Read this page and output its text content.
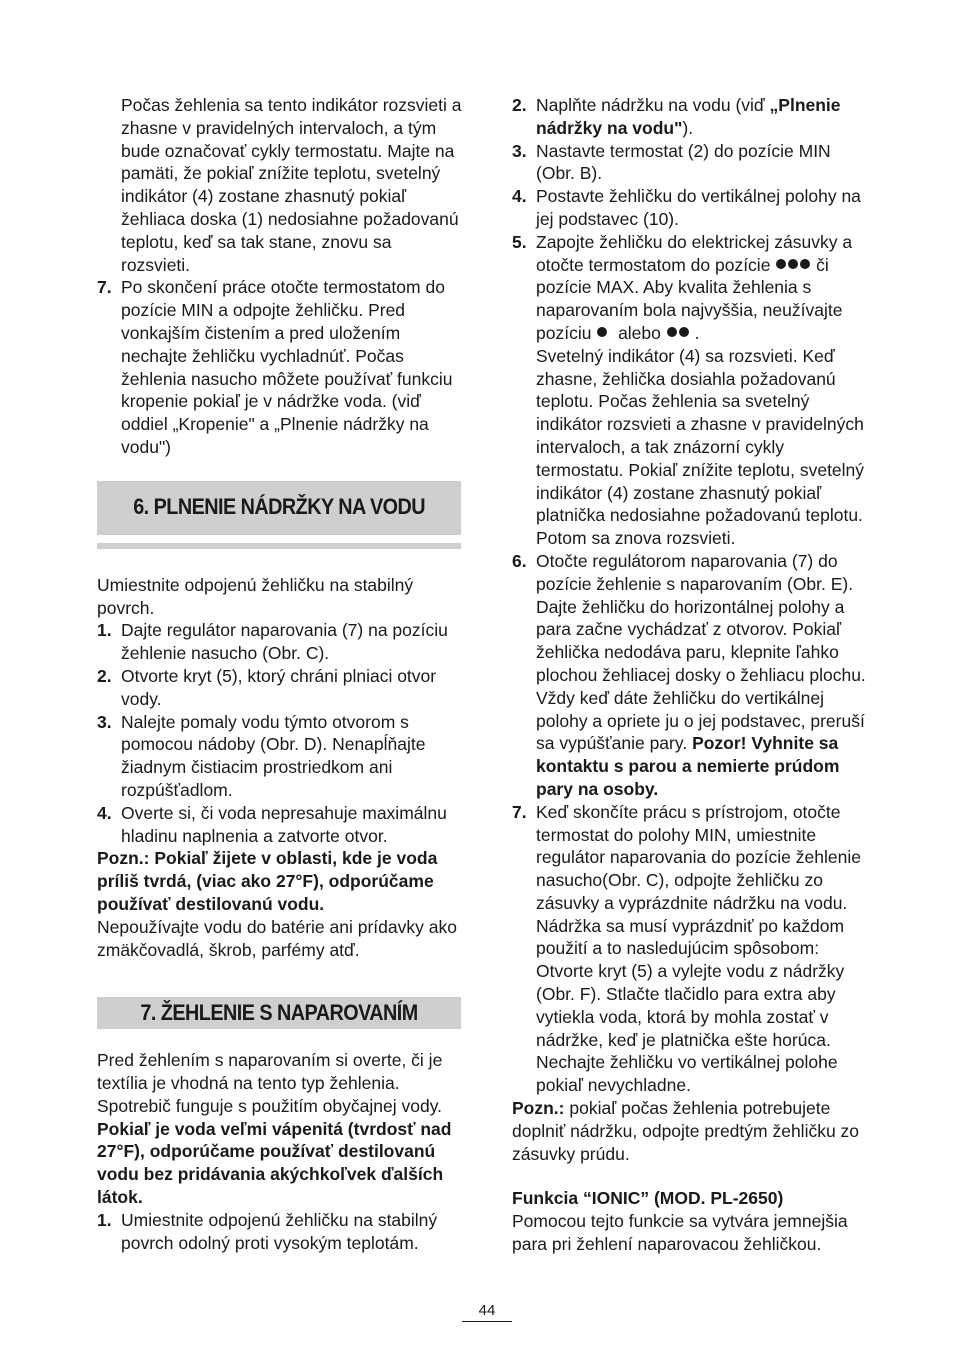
Počas žehlenia sa tento indikátor rozsvieti a zhasne v pravidelných intervaloch, a tým bude označovať cykly termostatu. Majte na pamäti, že pokiaľ znížite teplotu, svetelný indikátor (4) zostane zhasnutý pokiaľ žehliaca doska (1) nedosiahne požadovanú teplotu, keď sa tak stane, znovu sa rozsvieti.

7. Po skončení práce otočte termostatom do pozície MIN a odpojte žehličku. Pred vonkajším čistením a pred uložením nechajte žehličku vychladnúť. Počas žehlenia nasucho môžete používať funkciu kropenie pokiaľ je v nádržke voda. (viď oddiel „Kropenie" a „Plnenie nádržky na vodu")
6. PLNENIE NÁDRŽKY NA VODU

Umiestnite odpojenú žehličku na stabilný povrch.

1. Dajte regulátor naparovania (7) na pozíciu žehlenie nasucho (Obr. C).
2. Otvorte kryt (5), ktorý chráni plniaci otvor vody.
3. Nalejte pomaly vodu týmto otvorom s pomocou nádoby (Obr. D). Nenapĺňajte žiadnym čistiacim prostriedkom ani rozpúšťadlom.
4. Overte si, či voda nepresahuje maximálnu hladinu naplnenia a zatvorte otvor.

Pozn.: Pokiaľ žijete v oblasti, kde je voda príliš tvrdá, (viac ako 27°F), odporúčame používať destilovanú vodu.

Nepoužívajte vodu do batérie ani prídavky ako zmäkčovadlá, škrob, parfémy atď.

7. ŽEHLENIE S NAPAROVANÍM

Pred žehlením s naparovaním si overte, či je textília je vhodná na tento typ žehlenia. Spotrebič funguje s použitím obyčajnej vody. Pokiaľ je voda veľmi vápenitá (tvrdosť nad 27°F), odporúčame používať destilovanú vodu bez pridávania akýchkoľvek ďalších látok.

1. Umiestnite odpojenú žehličku na stabilný povrch odolný proti vysokým teplotám.
2. Naplňte nádržku na vodu (viď „Plnenie nádržky na vodu").
3. Nastavte termostat (2) do pozície MIN (Obr. B).
4. Postavte žehličku do vertikálnej polohy na jej podstavec (10).
5. Zapojte žehličku do elektrickej zásuvky a otočte termostatom do pozície	či pozície MAX. Aby kvalita žehlenia s naparovaním bola najvyššia, neužívajte pozíciu alebo .
Svetelný indikátor (4) sa rozsvieti. Keď zhasne, žehlička dosiahla požadovanú teplotu. Počas žehlenia sa svetelný indikátor rozsvieti a zhasne v pravidelných intervaloch, a tak znázorní cykly termostatu. Pokiaľ znížite teplotu, svetelný indikátor (4) zostane zhasnutý pokiaľ platnička nedosiahne požadovanú teplotu. Potom sa znova rozsvieti.
6. Otočte regulátorom naparovania (7) do pozície žehlenie s naparovaním (Obr. E). Dajte žehličku do horizontálnej polohy a para začne vychádzať z otvorov. Pokiaľ žehlička nedodáva paru, klepnite ľahko plochou žehliacej dosky o žehliacu plochu. Vždy keď dáte žehličku do vertikálnej polohy a opriete ju o jej podstavec, preruší sa vypúšťanie pary. Pozor! Vyhnite sa kontaktu s parou a nemierte prúdom pary na osoby.
7. Keď skončíte prácu s prístrojom, otočte termostat do polohy MIN, umiestnite regulátor naparovania do pozície žehlenie nasucho(Obr. C), odpojte žehličku zo zásuvky a vyprázdnite nádržku na vodu. Nádržka sa musí vyprázdniť po každom použití a to nasledujúcim spôsobom:
Otvorte kryt (5) a vylejte vodu z nádržky (Obr. F). Stlačte tlačidlo para extra aby vytiekla voda, ktorá by mohla zostať v nádržke, keď je platnička ešte horúca. Nechajte žehličku vo vertikálnej polohe pokiaľ nevychladne.

Pozn.: pokiaľ počas žehlenia potrebujete doplniť nádržku, odpojte predtým žehličku zo zásuvky prúdu.

Funkcia “IONIC” (MOD. PL-2650)

Pomocou tejto funkcie sa vytvára jemnejšia para pri žehlení naparovacou žehličkou.

44
